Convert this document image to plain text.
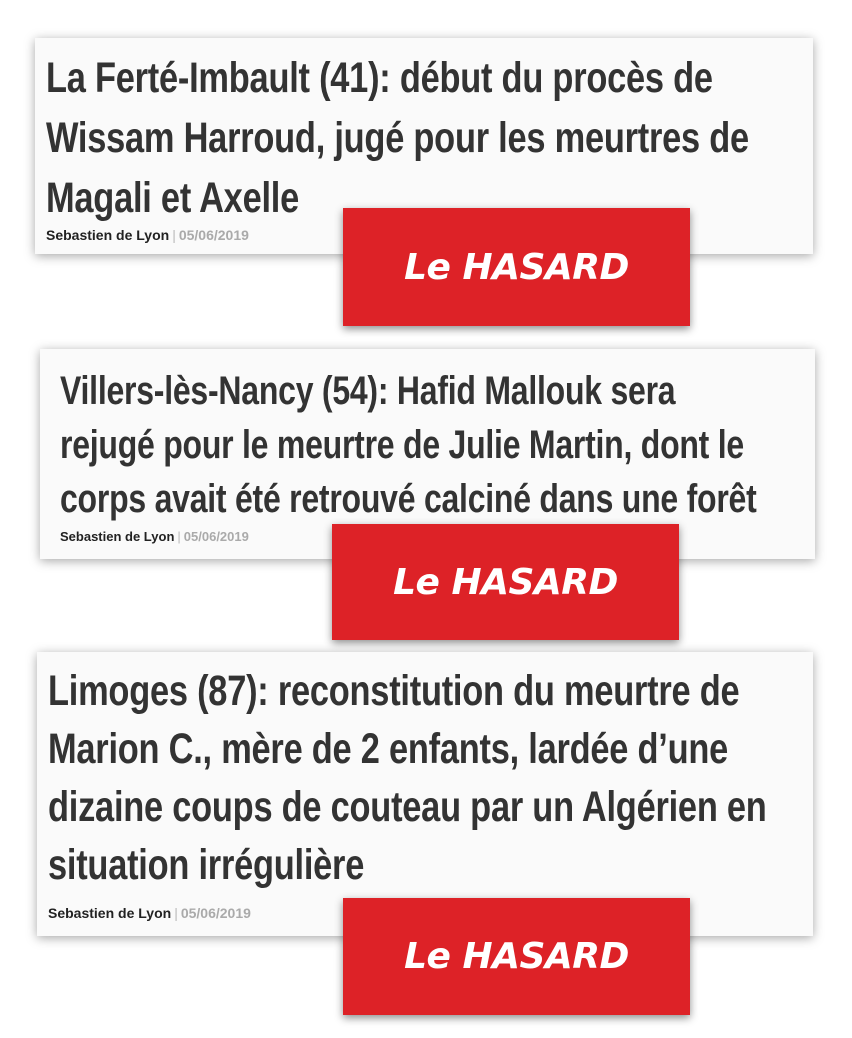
La Ferté-Imbault (41): début du procès de
Wissam Harroud, jugé pour les meurtres de
Magali et Axelle
Sebastien de Lyon | 05/06/2019
Le HASARD
Villers-lès-Nancy (54): Hafid Mallouk sera
rejugé pour le meurtre de Julie Martin, dont le
corps avait été retrouvé calciné dans une forêt
Sebastien de Lyon | 05/06/2019
Le HASARD
Limoges (87): reconstitution du meurtre de
Marion C., mère de 2 enfants, lardée d’une
dizaine coups de couteau par un Algérien en
situation irrégulière
Sebastien de Lyon | 05/06/2019
Le HASARD
